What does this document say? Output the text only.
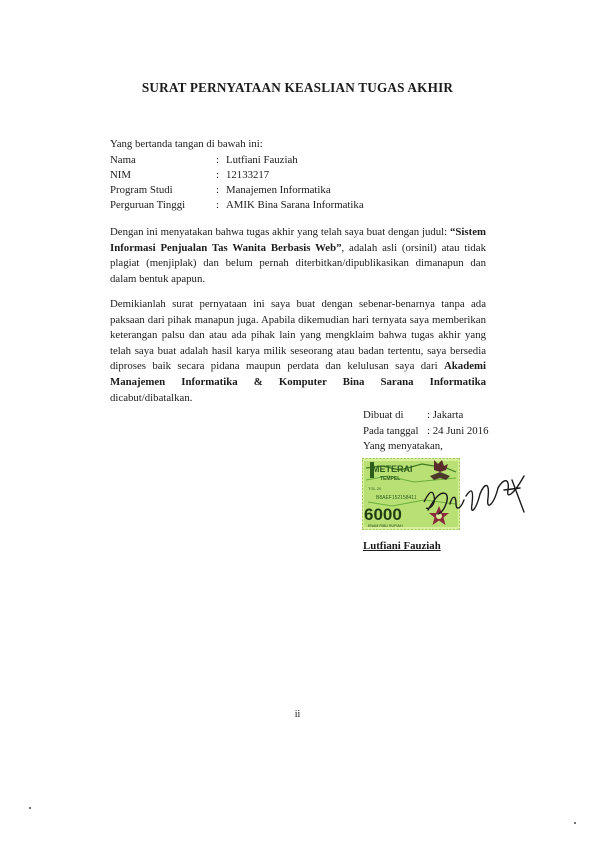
SURAT PERNYATAAN KEASLIAN TUGAS AKHIR
Yang bertanda tangan di bawah ini:
Nama	: Lutfiani Fauziah
NIM	: 12133217
Program Studi	: Manajemen Informatika
Perguruan Tinggi	: AMIK Bina Sarana Informatika
Dengan ini menyatakan bahwa tugas akhir yang telah saya buat dengan judul: “Sistem Informasi Penjualan Tas Wanita Berbasis Web”, adalah asli (orsinil) atau tidak plagiat (menjiplak) dan belum pernah diterbitkan/dipublikasikan dimanapun dan dalam bentuk apapun.
Demikianlah surat pernyataan ini saya buat dengan sebenar-benarnya tanpa ada paksaan dari pihak manapun juga. Apabila dikemudian hari ternyata saya memberikan keterangan palsu dan atau ada pihak lain yang mengklaim bahwa tugas akhir yang telah saya buat adalah hasil karya milik seseorang atau badan tertentu, saya bersedia diproses baik secara pidana maupun perdata dan kelulusan saya dari Akademi Manajemen Informatika & Komputer Bina Sarana Informatika dicabut/dibatalkan.
Dibuat di	: Jakarta
Pada tanggal : 24 Juni 2016
Yang menyatakan,
METERAI
TEMPEL
TGL 20
B8AEF152158411
6000
ENAM RIBU RUPIAH
Lutfiani Fauziah
ii
